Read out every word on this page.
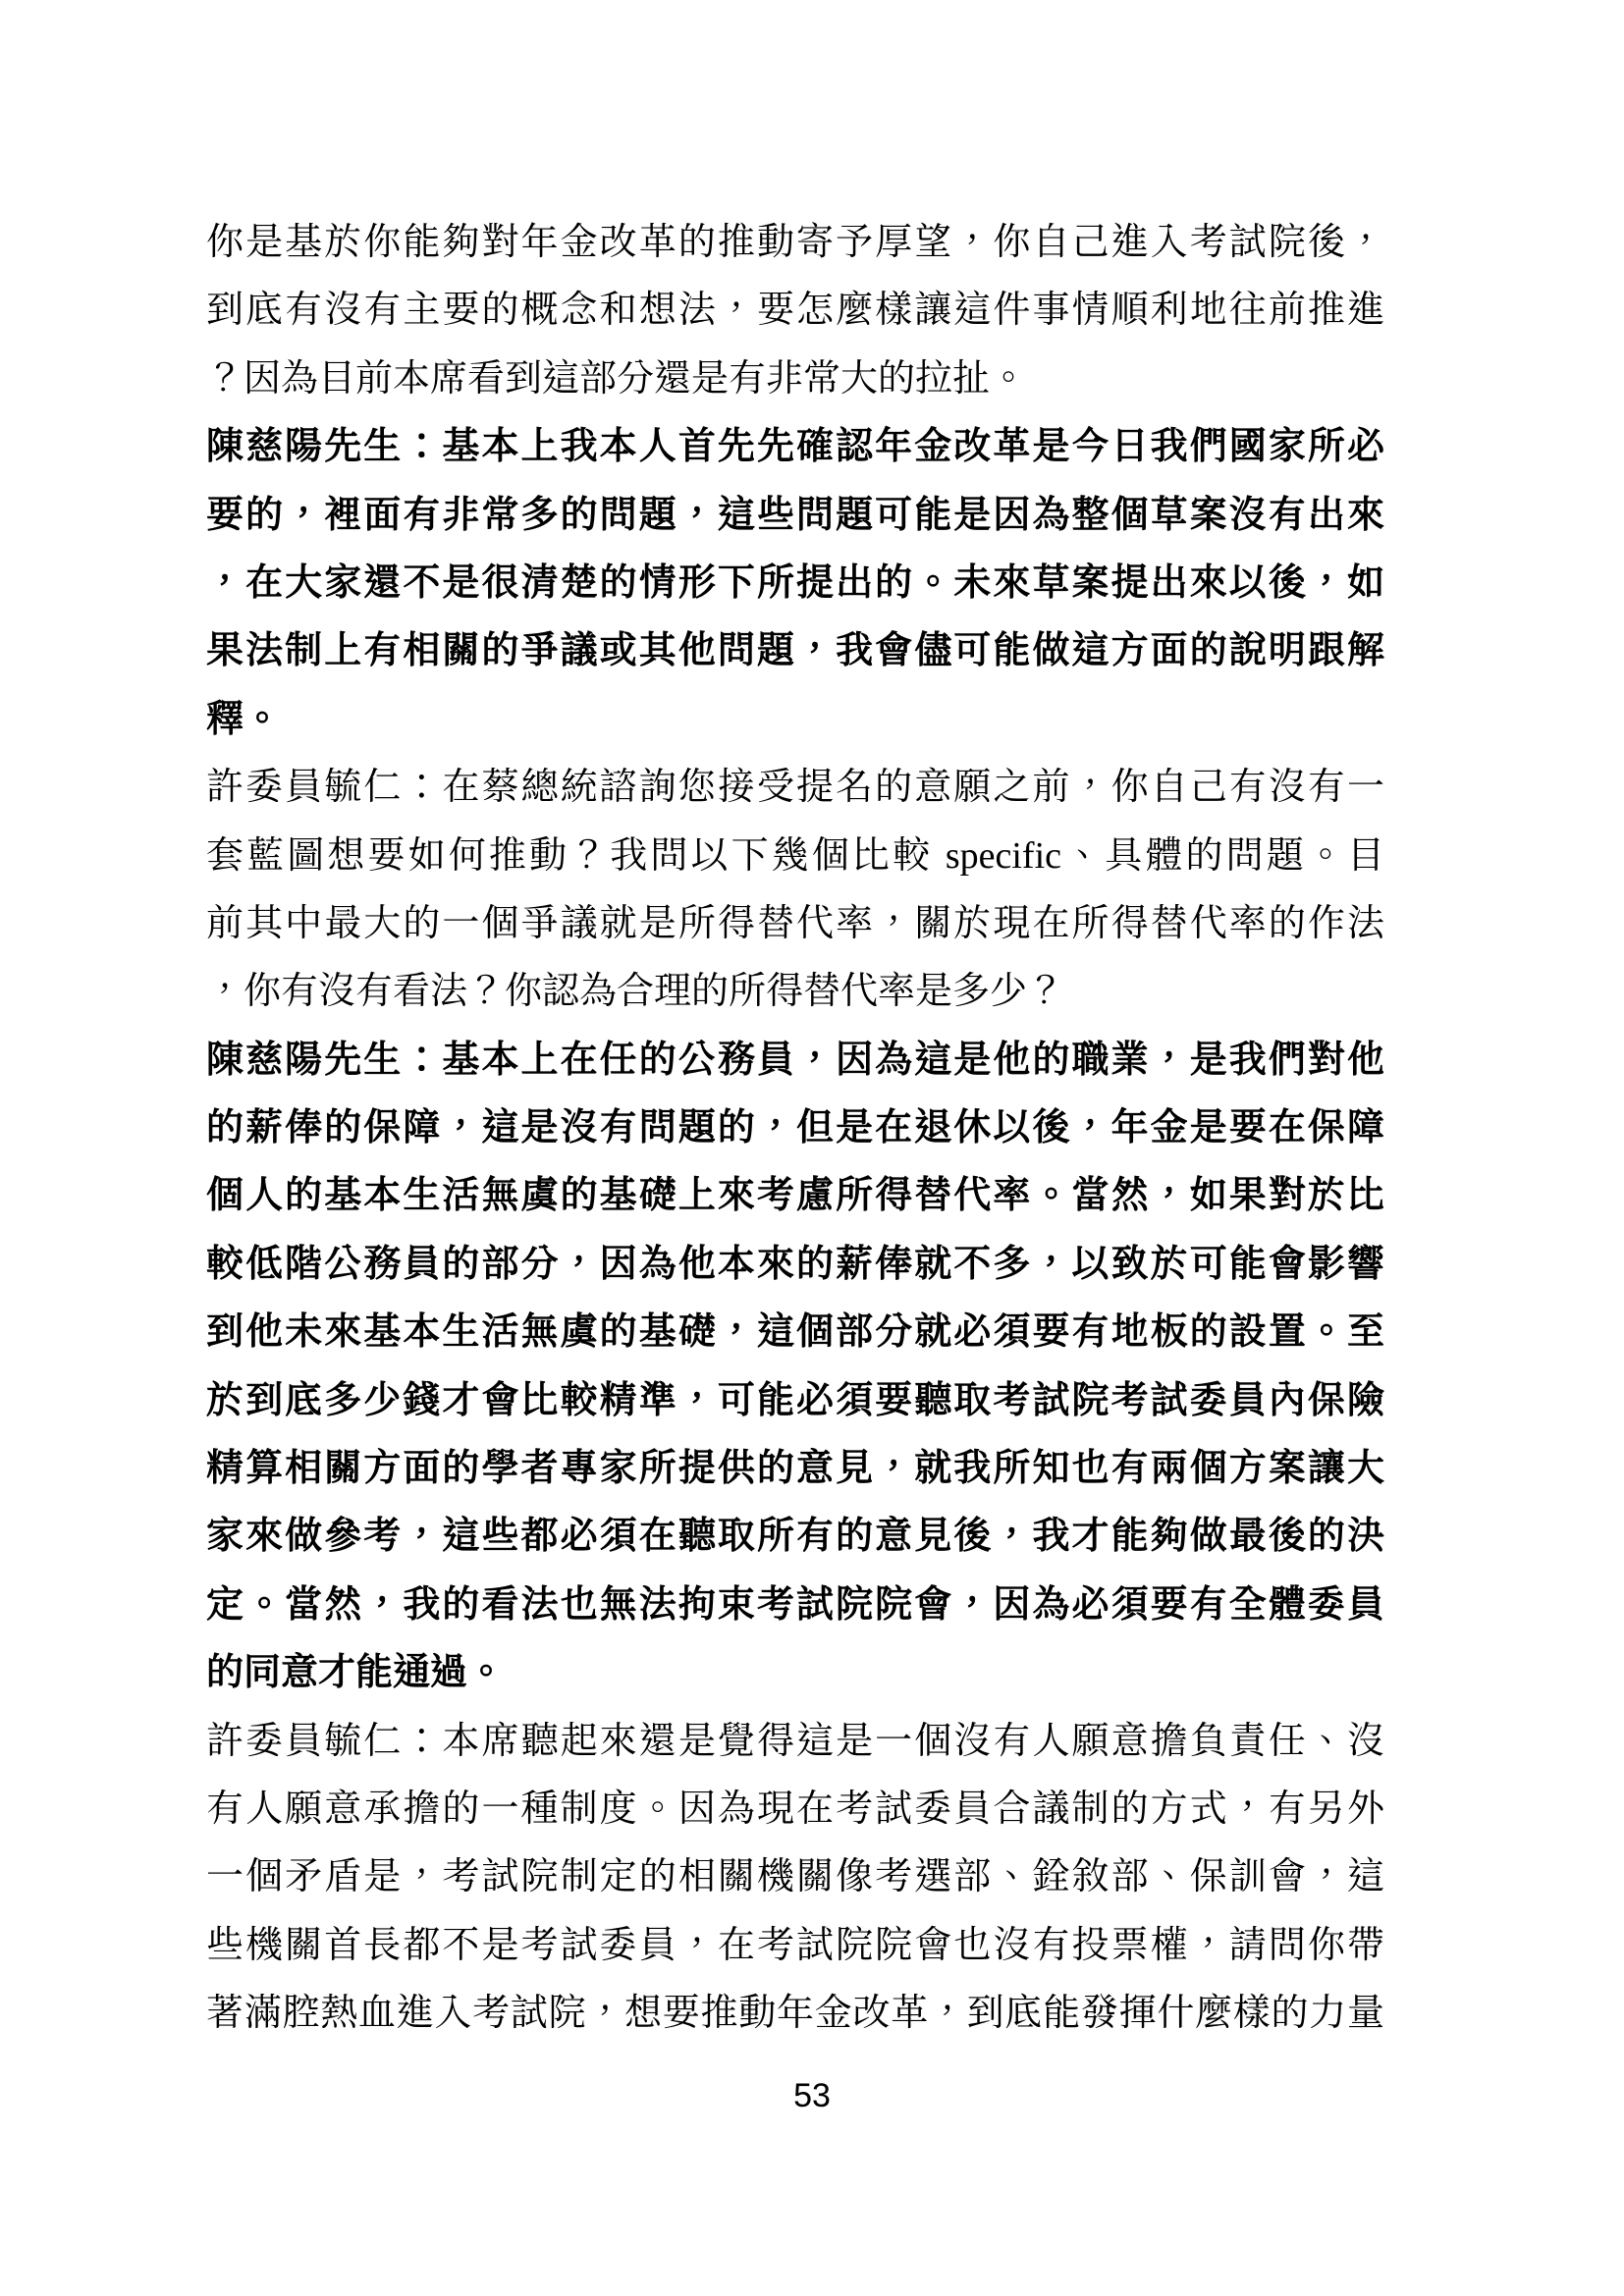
你是基於你能夠對年金改革的推動寄予厚望，你自己進入考試院後，
到底有沒有主要的概念和想法，要怎麼樣讓這件事情順利地往前推進
？因為目前本席看到這部分還是有非常大的拉扯。
陳慈陽先生：基本上我本人首先先確認年金改革是今日我們國家所必
要的，裡面有非常多的問題，這些問題可能是因為整個草案沒有出來
，在大家還不是很清楚的情形下所提出的。未來草案提出來以後，如
果法制上有相關的爭議或其他問題，我會儘可能做這方面的說明跟解
釋。
許委員毓仁：在蔡總統諮詢您接受提名的意願之前，你自己有沒有一
套藍圖想要如何推動？我問以下幾個比較 specific、具體的問題。目
前其中最大的一個爭議就是所得替代率，關於現在所得替代率的作法
，你有沒有看法？你認為合理的所得替代率是多少？
陳慈陽先生：基本上在任的公務員，因為這是他的職業，是我們對他
的薪俸的保障，這是沒有問題的，但是在退休以後，年金是要在保障
個人的基本生活無虞的基礎上來考慮所得替代率。當然，如果對於比
較低階公務員的部分，因為他本來的薪俸就不多，以致於可能會影響
到他未來基本生活無虞的基礎，這個部分就必須要有地板的設置。至
於到底多少錢才會比較精準，可能必須要聽取考試院考試委員內保險
精算相關方面的學者專家所提供的意見，就我所知也有兩個方案讓大
家來做參考，這些都必須在聽取所有的意見後，我才能夠做最後的決
定。當然，我的看法也無法拘束考試院院會，因為必須要有全體委員
的同意才能通過。
許委員毓仁：本席聽起來還是覺得這是一個沒有人願意擔負責任、沒
有人願意承擔的一種制度。因為現在考試委員合議制的方式，有另外
一個矛盾是，考試院制定的相關機關像考選部、銓敘部、保訓會，這
些機關首長都不是考試委員，在考試院院會也沒有投票權，請問你帶
著滿腔熱血進入考試院，想要推動年金改革，到底能發揮什麼樣的力量
53
